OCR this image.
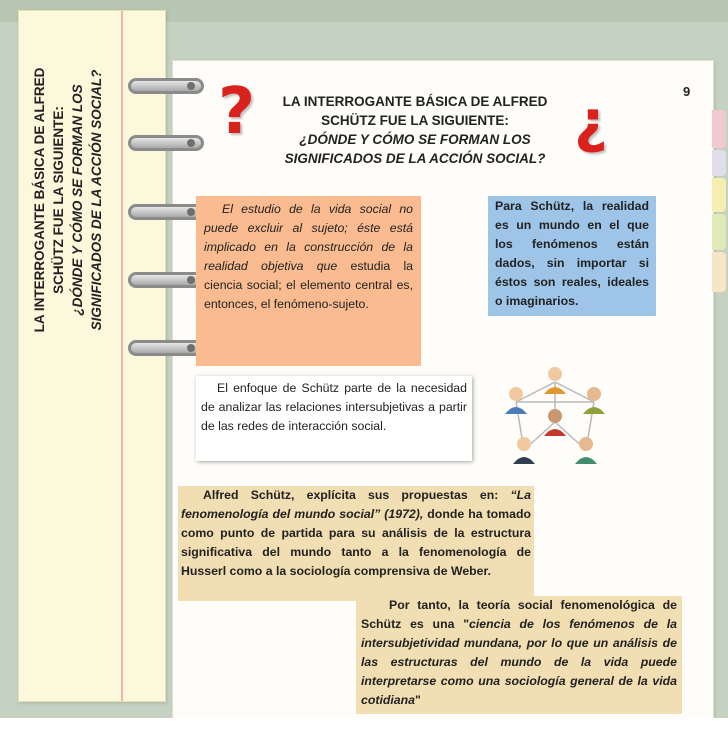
LA INTERROGANTE BÁSICA DE ALFRED SCHÜTZ FUE LA SIGUIENTE: ¿DÓNDE Y CÓMO SE FORMAN LOS SIGNIFICADOS DE LA ACCIÓN SOCIAL?	9
?	¿
LA INTERROGANTE BÁSICA DE ALFRED
SCHÜTZ FUE LA SIGUIENTE:
¿DÓNDE Y CÓMO SE FORMAN LOS
SIGNIFICADOS DE LA ACCIÓN SOCIAL?
El estudio de la vida social no puede excluir al sujeto; éste está implicado en la construcción de la realidad objetiva que estudia la ciencia social; el elemento central es, entonces, el fenómeno-sujeto.
Para Schütz, la realidad es un mundo en el que los fenómenos están dados, sin importar si éstos son reales, ideales o imaginarios.
El enfoque de Schütz parte de la necesidad de analizar las relaciones intersubjetivas a partir de las redes de interacción social.
Alfred Schütz, explícita sus propuestas en: “La fenomenología del mundo social” (1972), donde ha tomado como punto de partida para su análisis de la estructura significativa del mundo tanto a la fenomenología de Husserl como a la sociología comprensiva de Weber.
Por tanto, la teoría social fenomenológica de Schütz es una "ciencia de los fenómenos de la intersubjetividad mundana, por lo que un análisis de las estructuras del mundo de la vida puede interpretarse como una sociología general de la vida cotidiana"
